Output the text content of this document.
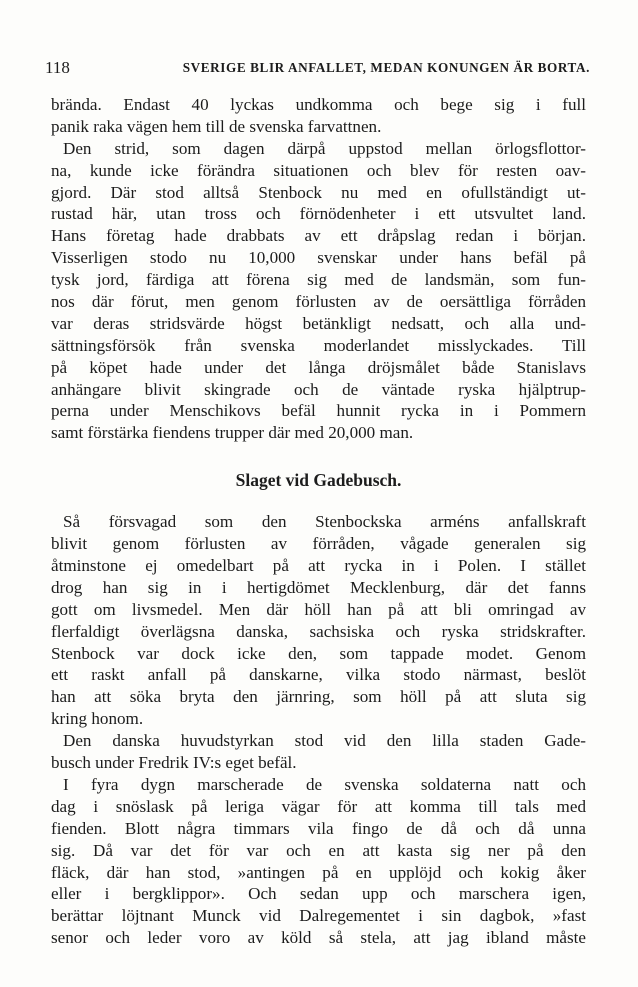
118	SVERIGE BLIR ANFALLET, MEDAN KONUNGEN ÄR BORTA.
brända. Endast 40 lyckas undkomma och bege sig i full
panik raka vägen hem till de svenska farvattnen.
Den strid, som dagen därpå uppstod mellan örlogsflottor-
na, kunde icke förändra situationen och blev för resten oav-
gjord. Där stod alltså Stenbock nu med en ofullständigt ut-
rustad här, utan tross och förnödenheter i ett utsvultet land.
Hans företag hade drabbats av ett dråpslag redan i början.
Visserligen stodo nu 10,000 svenskar under hans befäl på
tysk jord, färdiga att förena sig med de landsmän, som fun-
nos där förut, men genom förlusten av de oersättliga förråden
var deras stridsvärde högst betänkligt nedsatt, och alla und-
sättningsförsök från svenska moderlandet misslyckades. Till
på köpet hade under det långa dröjsmålet både Stanislavs
anhängare blivit skingrade och de väntade ryska hjälptrup-
perna under Menschikovs befäl hunnit rycka in i Pommern
samt förstärka fiendens trupper där med 20,000 man.
Slaget vid Gadebusch.
Så försvagad som den Stenbockska arméns anfallskraft
blivit genom förlusten av förråden, vågade generalen sig
åtminstone ej omedelbart på att rycka in i Polen. I stället
drog han sig in i hertigdömet Mecklenburg, där det fanns
gott om livsmedel. Men där höll han på att bli omringad av
flerfaldigt överlägsna danska, sachsiska och ryska stridskrafter.
Stenbock var dock icke den, som tappade modet. Genom
ett raskt anfall på danskarne, vilka stodo närmast, beslöt
han att söka bryta den järnring, som höll på att sluta sig
kring honom.
Den danska huvudstyrkan stod vid den lilla staden Gade-
busch under Fredrik IV:s eget befäl.
I fyra dygn marscherade de svenska soldaterna natt och
dag i snöslask på leriga vägar för att komma till tals med
fienden. Blott några timmars vila fingo de då och då unna
sig. Då var det för var och en att kasta sig ner på den
fläck, där han stod, »antingen på en upplöjd och kokig åker
eller i bergklippor». Och sedan upp och marschera igen,
berättar löjtnant Munck vid Dalregementet i sin dagbok, »fast
senor och leder voro av köld så stela, att jag ibland måste
